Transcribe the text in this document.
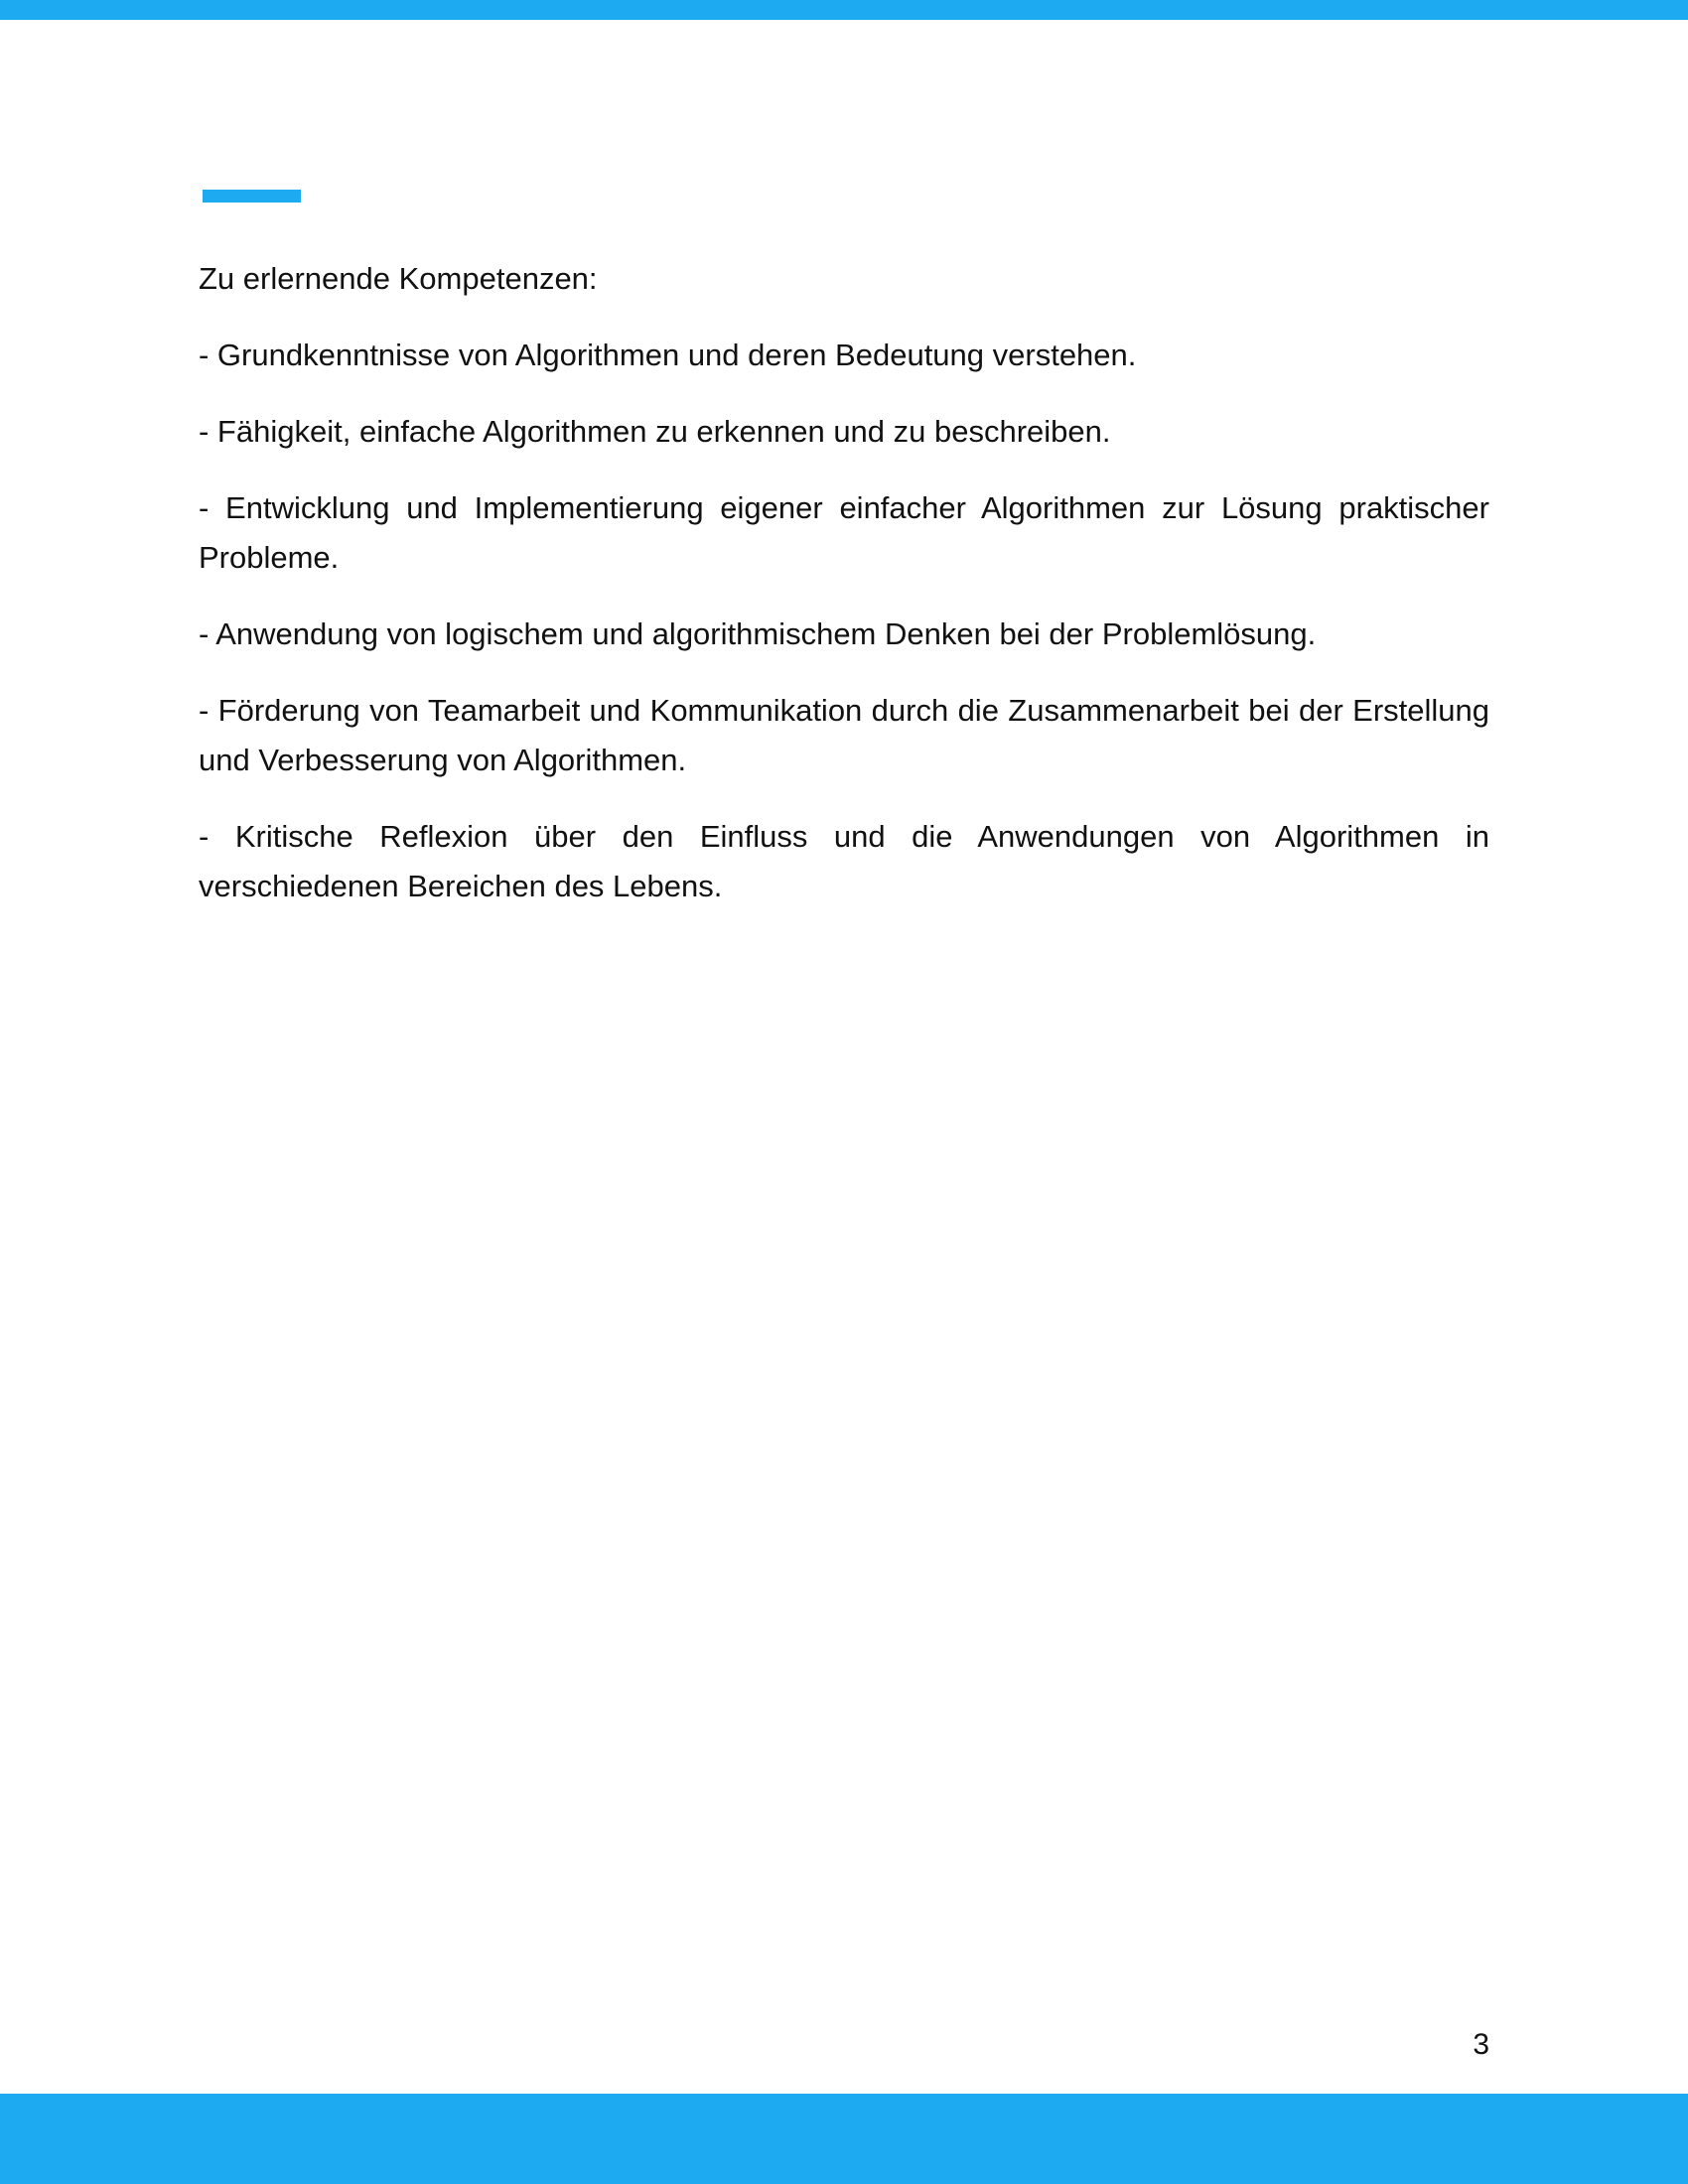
Zu erlernende Kompetenzen:

- Grundkenntnisse von Algorithmen und deren Bedeutung verstehen.

- Fähigkeit, einfache Algorithmen zu erkennen und zu beschreiben.

- Entwicklung und Implementierung eigener einfacher Algorithmen zur Lösung praktischer Probleme.

- Anwendung von logischem und algorithmischem Denken bei der Problemlösung.

- Förderung von Teamarbeit und Kommunikation durch die Zusammenarbeit bei der Erstellung und Verbesserung von Algorithmen.

- Kritische Reflexion über den Einfluss und die Anwendungen von Algorithmen in verschiedenen Bereichen des Lebens.

3
